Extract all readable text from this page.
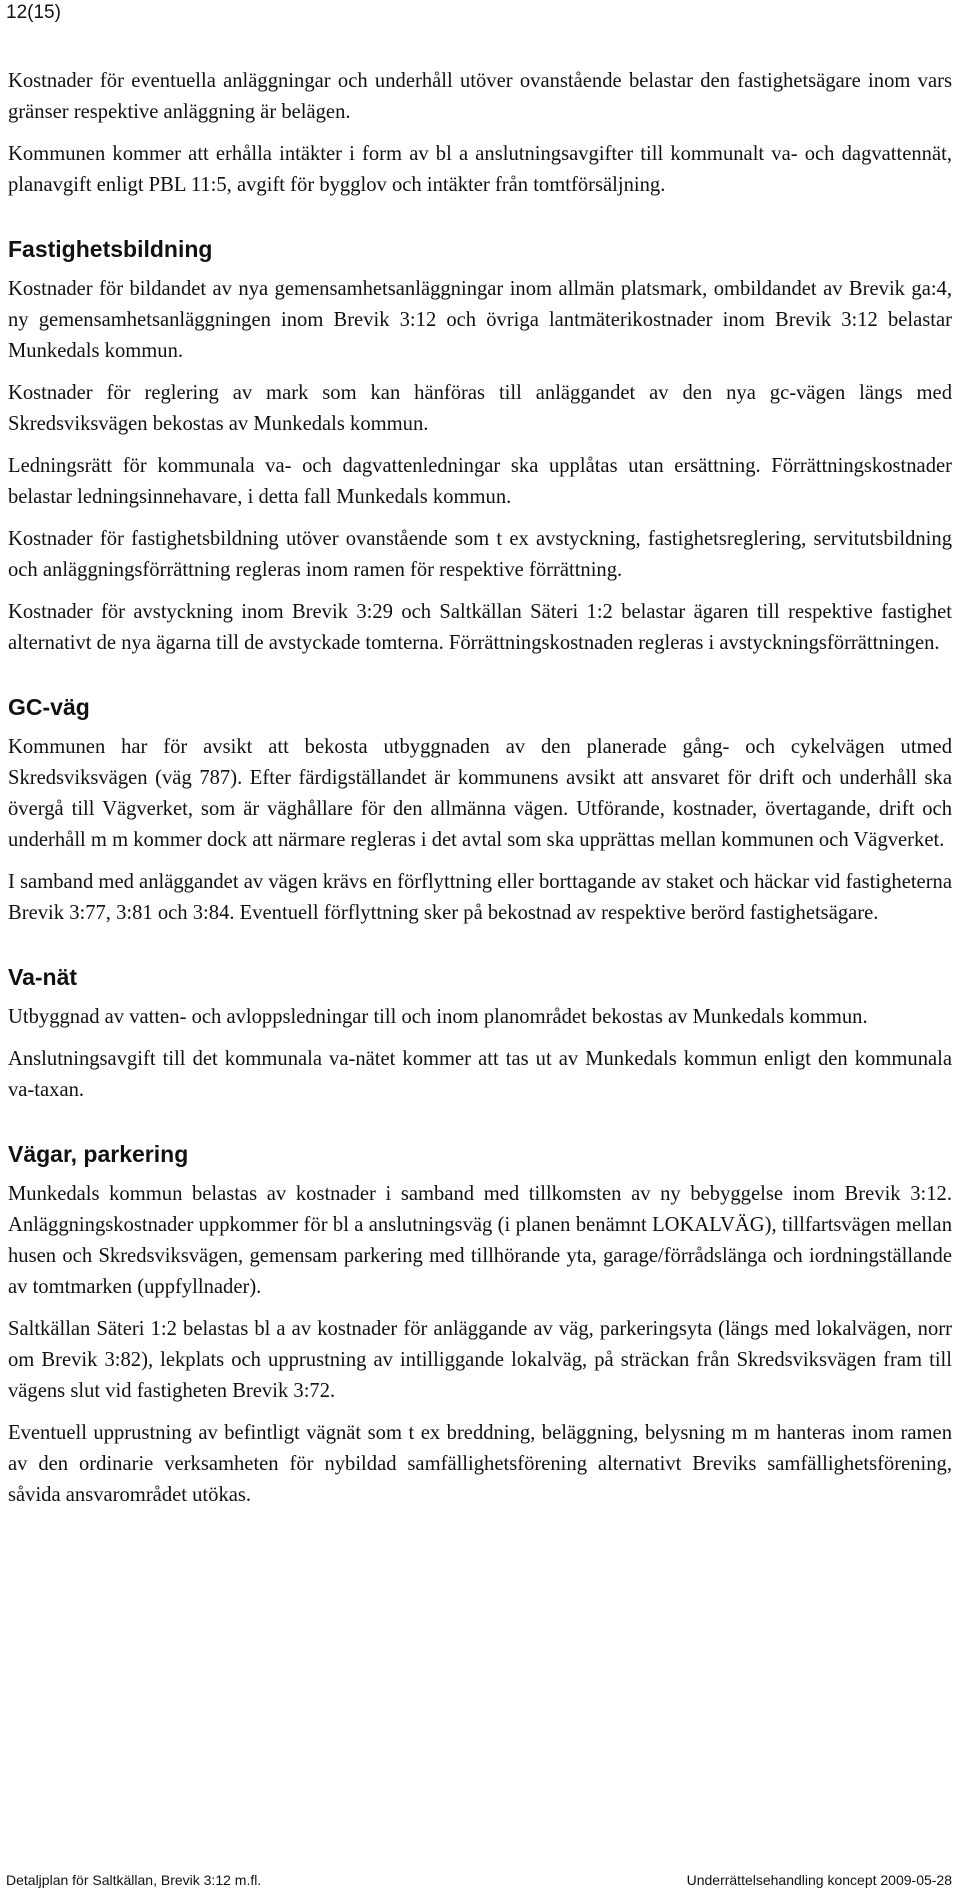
12(15)

Kostnader för eventuella anläggningar och underhåll utöver ovanstående belastar den fastighetsägare inom vars gränser respektive anläggning är belägen.

Kommunen kommer att erhålla intäkter i form av bl a anslutningsavgifter till kommunalt va- och dagvattennät, planavgift enligt PBL 11:5, avgift för bygglov och intäkter från tomtförsäljning.

Fastighetsbildning

Kostnader för bildandet av nya gemensamhetsanläggningar inom allmän platsmark, ombildandet av Brevik ga:4, ny gemensamhetsanläggningen inom Brevik 3:12 och övriga lantmäterikostnader inom Brevik 3:12 belastar Munkedals kommun.

Kostnader för reglering av mark som kan hänföras till anläggandet av den nya gc-vägen längs med Skredsviksvägen bekostas av Munkedals kommun.

Ledningsrätt för kommunala va- och dagvattenledningar ska upplåtas utan ersättning. Förrättningskostnader belastar ledningsinnehavare, i detta fall Munkedals kommun.

Kostnader för fastighetsbildning utöver ovanstående som t ex avstyckning, fastighetsreglering, servitutsbildning och anläggningsförrättning regleras inom ramen för respektive förrättning.

Kostnader för avstyckning inom Brevik 3:29 och Saltkällan Säteri 1:2 belastar ägaren till respektive fastighet alternativt de nya ägarna till de avstyckade tomterna. Förrättningskostnaden regleras i avstyckningsförrättningen.

GC-väg

Kommunen har för avsikt att bekosta utbyggnaden av den planerade gång- och cykelvägen utmed Skredsviksvägen (väg 787). Efter färdigställandet är kommunens avsikt att ansvaret för drift och underhåll ska övergå till Vägverket, som är väghållare för den allmänna vägen. Utförande, kostnader, övertagande, drift och underhåll m m kommer dock att närmare regleras i det avtal som ska upprättas mellan kommunen och Vägverket.

I samband med anläggandet av vägen krävs en förflyttning eller borttagande av staket och häckar vid fastigheterna Brevik 3:77, 3:81 och 3:84. Eventuell förflyttning sker på bekostnad av respektive berörd fastighetsägare.

Va-nät

Utbyggnad av vatten- och avloppsledningar till och inom planområdet bekostas av Munkedals kommun.

Anslutningsavgift till det kommunala va-nätet kommer att tas ut av Munkedals kommun enligt den kommunala va-taxan.

Vägar, parkering

Munkedals kommun belastas av kostnader i samband med tillkomsten av ny bebyggelse inom Brevik 3:12. Anläggningskostnader uppkommer för bl a anslutningsväg (i planen benämnt LOKALVÄG), tillfartsvägen mellan husen och Skredsviksvägen, gemensam parkering med tillhörande yta, garage/förrådslänga och iordningställande av tomtmarken (uppfyllnader).

Saltkällan Säteri 1:2 belastas bl a av kostnader för anläggande av väg, parkeringsyta (längs med lokalvägen, norr om Brevik 3:82), lekplats och upprustning av intilliggande lokalväg, på sträckan från Skredsviksvägen fram till vägens slut vid fastigheten Brevik 3:72.

Eventuell upprustning av befintligt vägnät som t ex breddning, beläggning, belysning m m hanteras inom ramen av den ordinarie verksamheten för nybildad samfällighetsförening alternativt Breviks samfällighetsförening, såvida ansvarområdet utökas.

Detaljplan för Saltkällan, Brevik 3:12 m.fl.	Underrättelsehandling koncept 2009-05-28
